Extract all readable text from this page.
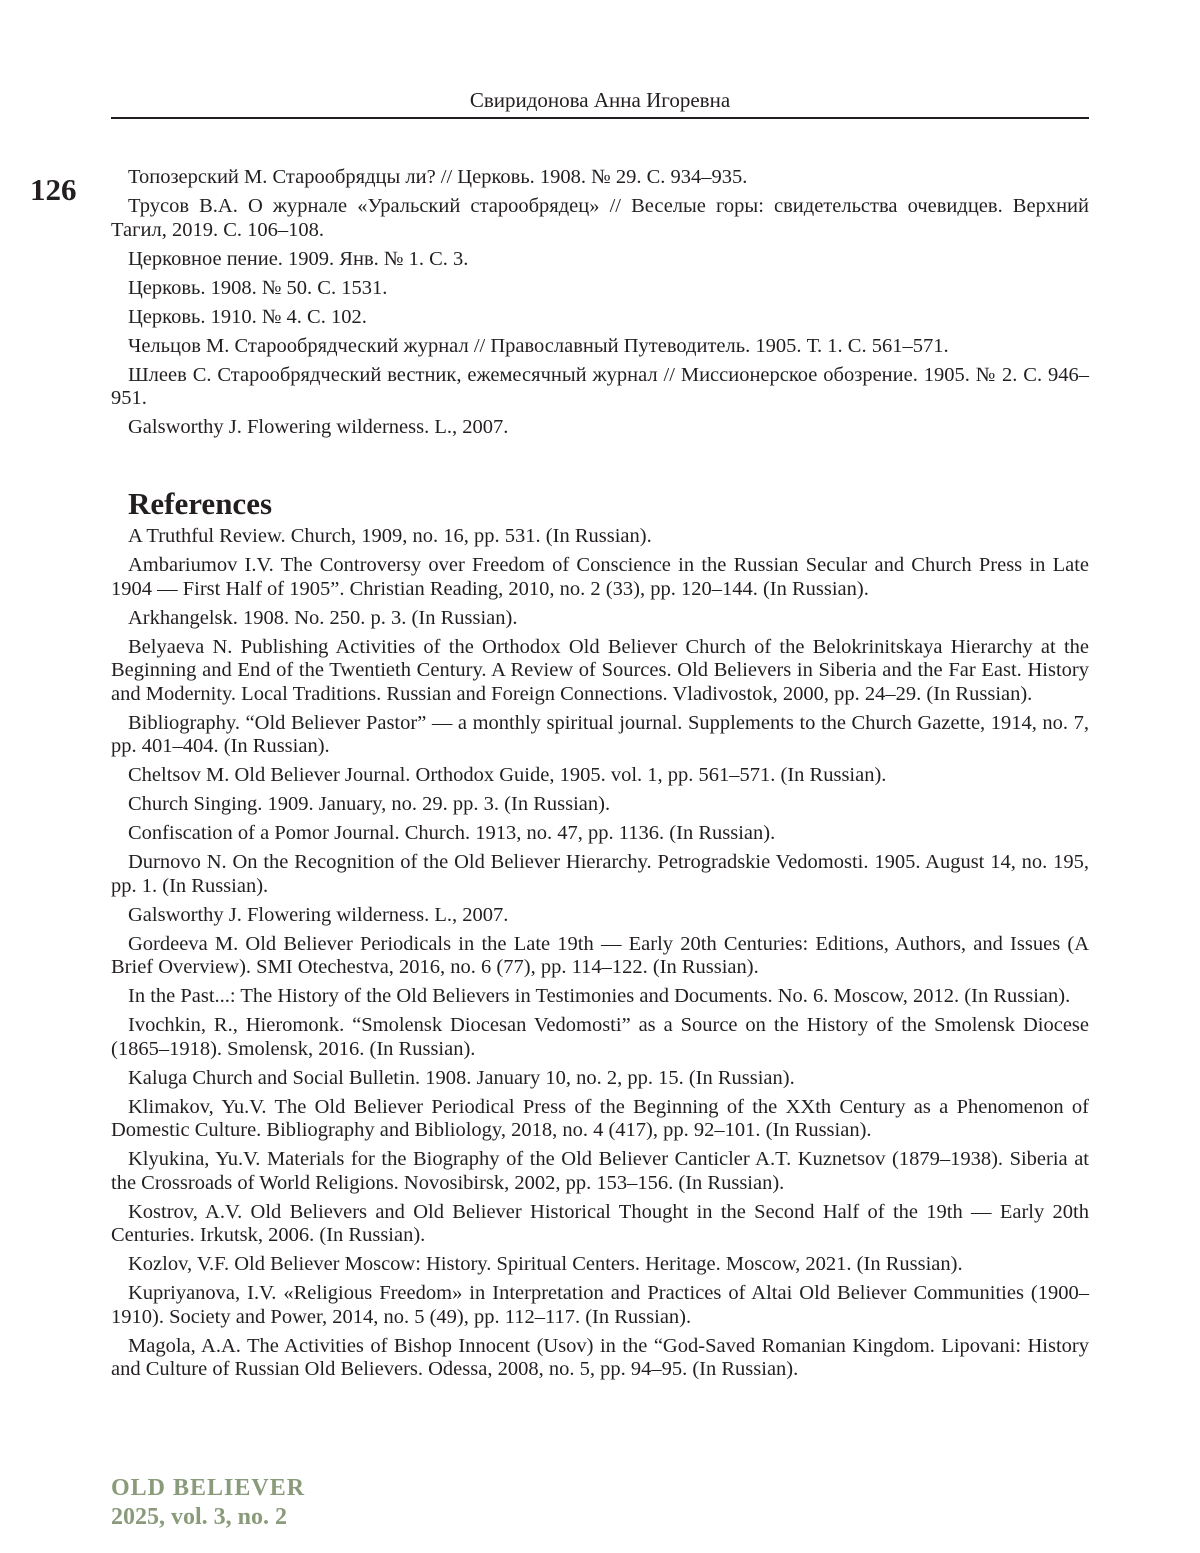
Свиридонова Анна Игоревна
126	Топозерский М. Старообрядцы ли? // Церковь. 1908. № 29. С. 934–935.

Трусов В.А. О журнале «Уральский старообрядец» // Веселые горы: свидетельства очевидцев. Верхний Тагил, 2019. С. 106–108.

Церковное пение. 1909. Янв. № 1. С. 3.

Церковь. 1908. № 50. С. 1531.

Церковь. 1910. № 4. С. 102.

Чельцов М. Старообрядческий журнал // Православный Путеводитель. 1905. Т. 1. С. 561–571.

Шлеев С. Старообрядческий вестник, ежемесячный журнал // Миссионерское обозрение. 1905. № 2. С. 946–951.

Galsworthy J. Flowering wilderness. L., 2007.

References

A Truthful Review. Church, 1909, no. 16, pp. 531. (In Russian).

Ambariumov I.V. The Controversy over Freedom of Conscience in the Russian Secular and Church Press in Late 1904 — First Half of 1905”. Christian Reading, 2010, no. 2 (33), pp. 120–144. (In Russian).

Arkhangelsk. 1908. No. 250. p. 3. (In Russian).

Belyaeva N. Publishing Activities of the Orthodox Old Believer Church of the Belokrinitskaya Hierarchy at the Beginning and End of the Twentieth Century. A Review of Sources. Old Believers in Siberia and the Far East. History and Modernity. Local Traditions. Russian and Foreign Connections. Vladivostok, 2000, pp. 24–29. (In Russian).

Bibliography. “Old Believer Pastor” — a monthly spiritual journal. Supplements to the Church Gazette, 1914, no. 7, pp. 401–404. (In Russian).

Cheltsov M. Old Believer Journal. Orthodox Guide, 1905. vol. 1, pp. 561–571. (In Russian).

Church Singing. 1909. January, no. 29. pp. 3. (In Russian).

Confiscation of a Pomor Journal. Church. 1913, no. 47, pp. 1136. (In Russian).

Durnovo N. On the Recognition of the Old Believer Hierarchy. Petrogradskie Vedomosti. 1905. August 14, no. 195, pp. 1. (In Russian).

Galsworthy J. Flowering wilderness. L., 2007.

Gordeeva M. Old Believer Periodicals in the Late 19th — Early 20th Centuries: Editions, Authors, and Issues (A Brief Overview). SMI Otechestva, 2016, no. 6 (77), pp. 114–122. (In Russian).

In the Past...: The History of the Old Believers in Testimonies and Documents. No. 6. Moscow, 2012. (In Russian).

Ivochkin, R., Hieromonk. “Smolensk Diocesan Vedomosti” as a Source on the History of the Smolensk Diocese (1865–1918). Smolensk, 2016. (In Russian).

Kaluga Church and Social Bulletin. 1908. January 10, no. 2, pp. 15. (In Russian).

Klimakov, Yu.V. The Old Believer Periodical Press of the Beginning of the XXth Century as a Phenomenon of Domestic Culture. Bibliography and Bibliology, 2018, no. 4 (417), pp. 92–101. (In Russian).

Klyukina, Yu.V. Materials for the Biography of the Old Believer Canticler A.T. Kuznetsov (1879–1938). Siberia at the Crossroads of World Religions. Novosibirsk, 2002, pp. 153–156. (In Russian).

Kostrov, A.V. Old Believers and Old Believer Historical Thought in the Second Half of the 19th — Early 20th Centuries. Irkutsk, 2006. (In Russian).

Kozlov, V.F. Old Believer Moscow: History. Spiritual Centers. Heritage. Moscow, 2021. (In Russian).

Kupriyanova, I.V. «Religious Freedom» in Interpretation and Practices of Altai Old Believer Communities (1900–1910). Society and Power, 2014, no. 5 (49), pp. 112–117. (In Russian).

Magola, A.A. The Activities of Bishop Innocent (Usov) in the “God-Saved Romanian Kingdom. Lipovani: History and Culture of Russian Old Believers. Odessa, 2008, no. 5, pp. 94–95. (In Russian).

OLD BELIEVER
2025, vol. 3, no. 2
